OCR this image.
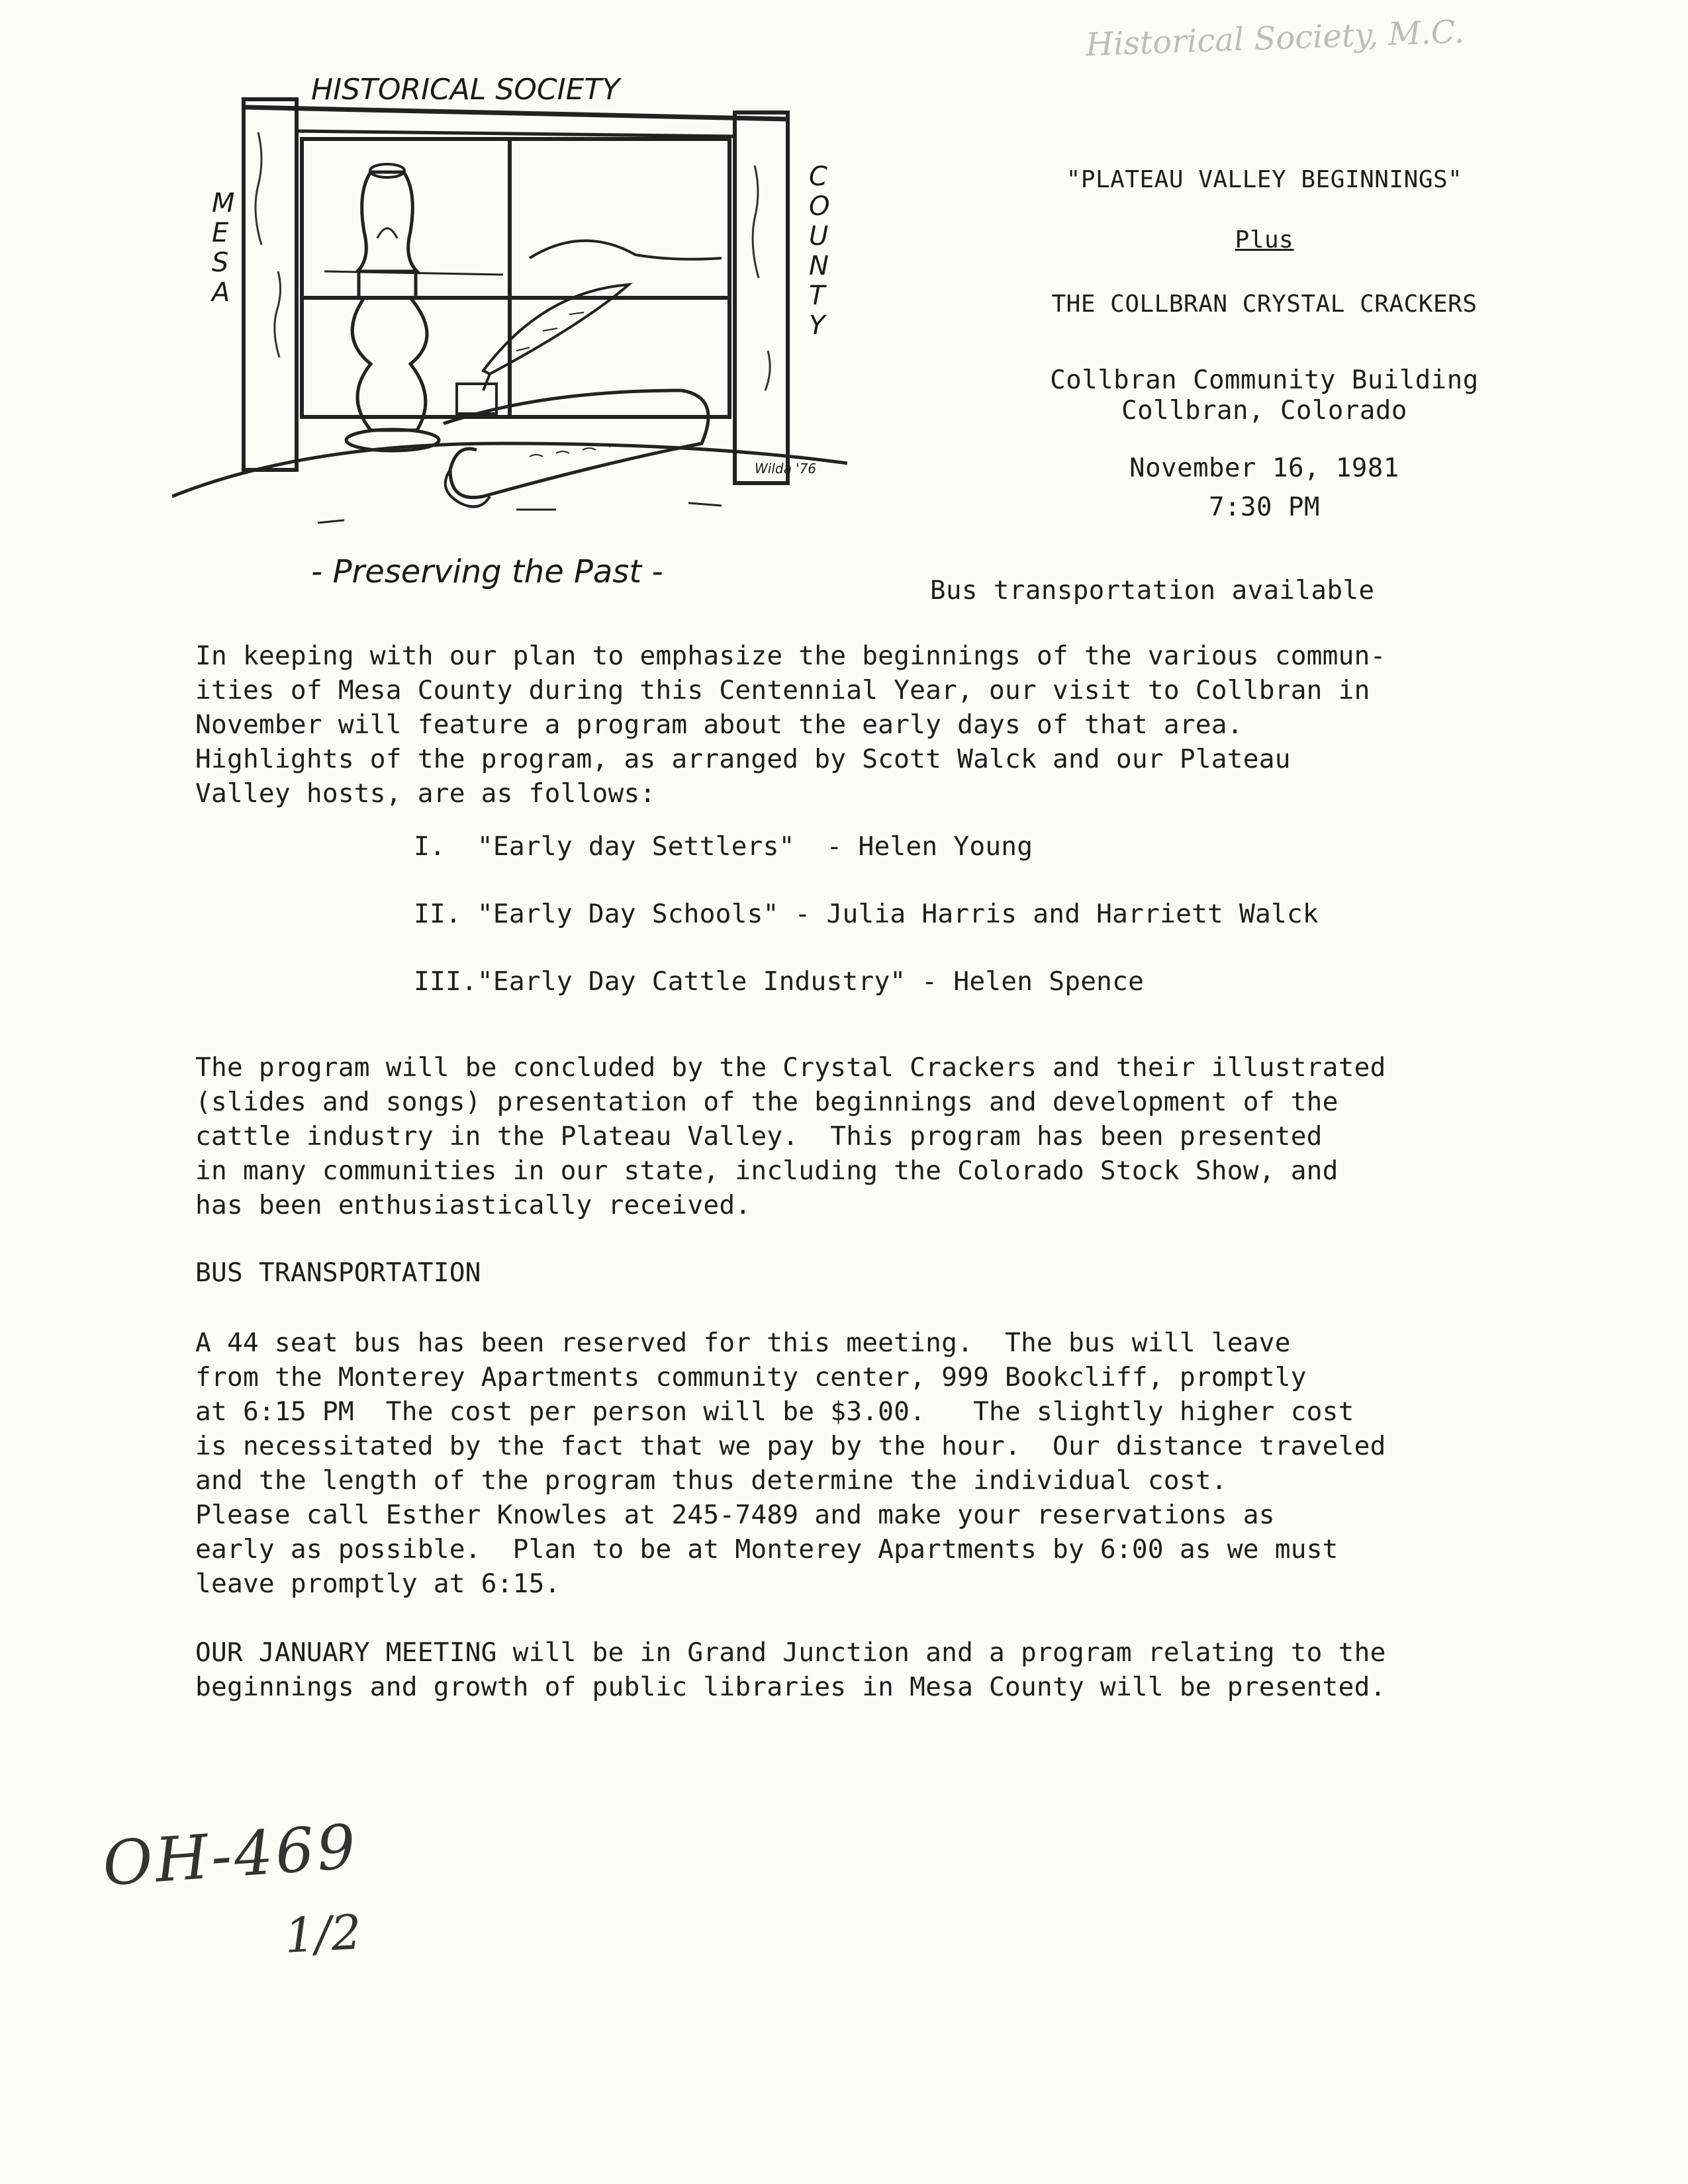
HISTORICAL SOCIETY
M
E
S
A
C
O
U
N
T
Y
Wilda '76
- Preserving the Past -
"PLATEAU VALLEY BEGINNINGS"
Plus
THE COLLBRAN CRYSTAL CRACKERS
Collbran Community Building
Collbran, Colorado
November 16, 1981
7:30 PM
Bus transportation available

In keeping with our plan to emphasize the beginnings of the various commun-
ities of Mesa County during this Centennial Year, our visit to Collbran in
November will feature a program about the early days of that area.
Highlights of the program, as arranged by Scott Walck and our Plateau
Valley hosts, are as follows:

I.  "Early day Settlers"  - Helen Young
II. "Early Day Schools" - Julia Harris and Harriett Walck
III."Early Day Cattle Industry" - Helen Spence

The program will be concluded by the Crystal Crackers and their illustrated
(slides and songs) presentation of the beginnings and development of the
cattle industry in the Plateau Valley.  This program has been presented
in many communities in our state, including the Colorado Stock Show, and
has been enthusiastically received.

BUS TRANSPORTATION

A 44 seat bus has been reserved for this meeting.  The bus will leave
from the Monterey Apartments community center, 999 Bookcliff, promptly
at 6:15 PM  The cost per person will be $3.00.   The slightly higher cost
is necessitated by the fact that we pay by the hour.  Our distance traveled
and the length of the program thus determine the individual cost.
Please call Esther Knowles at 245-7489 and make your reservations as
early as possible.  Plan to be at Monterey Apartments by 6:00 as we must
leave promptly at 6:15.

OUR JANUARY MEETING will be in Grand Junction and a program relating to the
beginnings and growth of public libraries in Mesa County will be presented.

Historical Society, M.C.
OH-469
1/2
